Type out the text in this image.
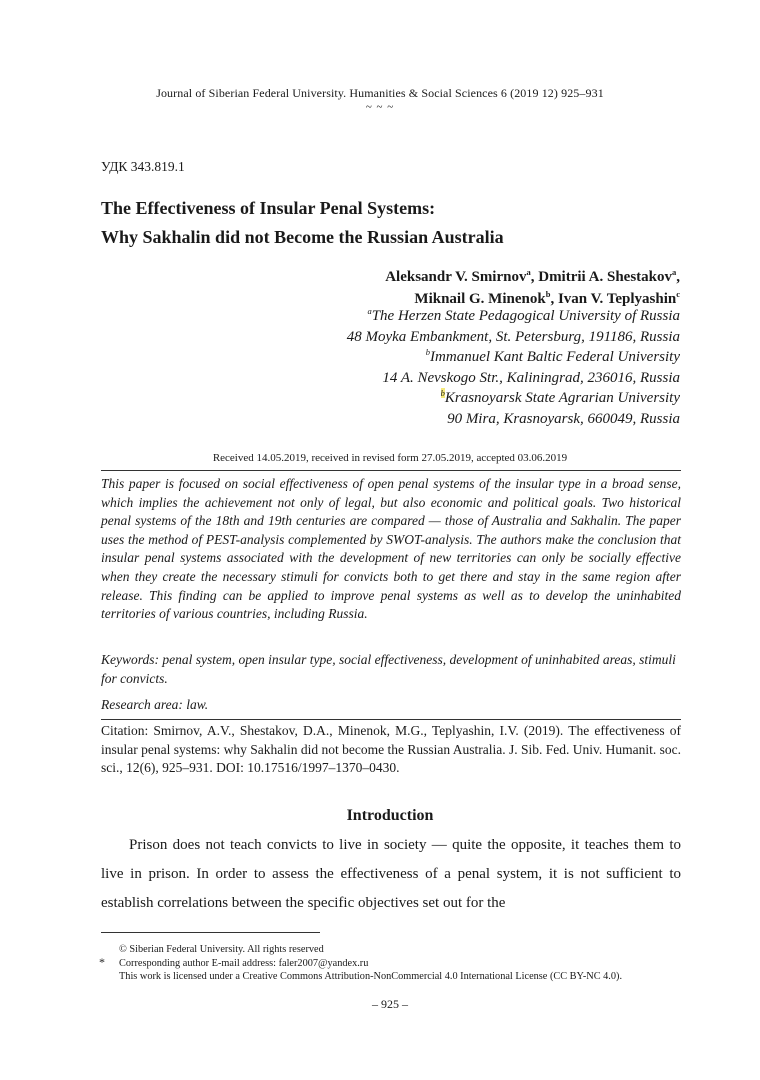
Journal of Siberian Federal University. Humanities & Social Sciences 6 (2019 12) 925–931
~ ~ ~
УДК 343.819.1
The Effectiveness of Insular Penal Systems:
Why Sakhalin did not Become the Russian Australia
Aleksandr V. Smirnov$^a$, Dmitrii A. Shestakov$^a$,
Miknail G. Minenok$^b$, Ivan V. Teplyashin$^c$
$^a$The Herzen State Pedagogical University of Russia
48 Moyka Embankment, St. Petersburg, 191186, Russia
$^b$Immanuel Kant Baltic Federal University
14 A. Nevskogo Str., Kaliningrad, 236016, Russia
$^b$Krasnoyarsk State Agrarian University
90 Mira, Krasnoyarsk, 660049, Russia
Received 14.05.2019, received in revised form 27.05.2019, accepted 03.06.2019
This paper is focused on social effectiveness of open penal systems of the insular type in a broad sense, which implies the achievement not only of legal, but also economic and political goals. Two historical penal systems of the 18th and 19th centuries are compared — those of Australia and Sakhalin. The paper uses the method of PEST-analysis complemented by SWOT-analysis. The authors make the conclusion that insular penal systems associated with the development of new territories can only be socially effective when they create the necessary stimuli for convicts both to get there and stay in the same region after release. This finding can be applied to improve penal systems as well as to develop the uninhabited territories of various countries, including Russia.
Keywords: penal system, open insular type, social effectiveness, development of uninhabited areas, stimuli for convicts.
Research area: law.
Citation: Smirnov, A.V., Shestakov, D.A., Minenok, M.G., Teplyashin, I.V. (2019). The effectiveness of insular penal systems: why Sakhalin did not become the Russian Australia. J. Sib. Fed. Univ. Humanit. soc. sci., 12(6), 925–931. DOI: 10.17516/1997–1370–0430.
Introduction
Prison does not teach convicts to live in society — quite the opposite, it teaches them to live in prison. In order to assess the effectiveness of a penal system, it is not sufficient to establish correlations between the specific objectives set out for the
© Siberian Federal University. All rights reserved
* Corresponding author E-mail address: faler2007@yandex.ru
This work is licensed under a Creative Commons Attribution-NonCommercial 4.0 International License (CC BY-NC 4.0).
– 925 –
